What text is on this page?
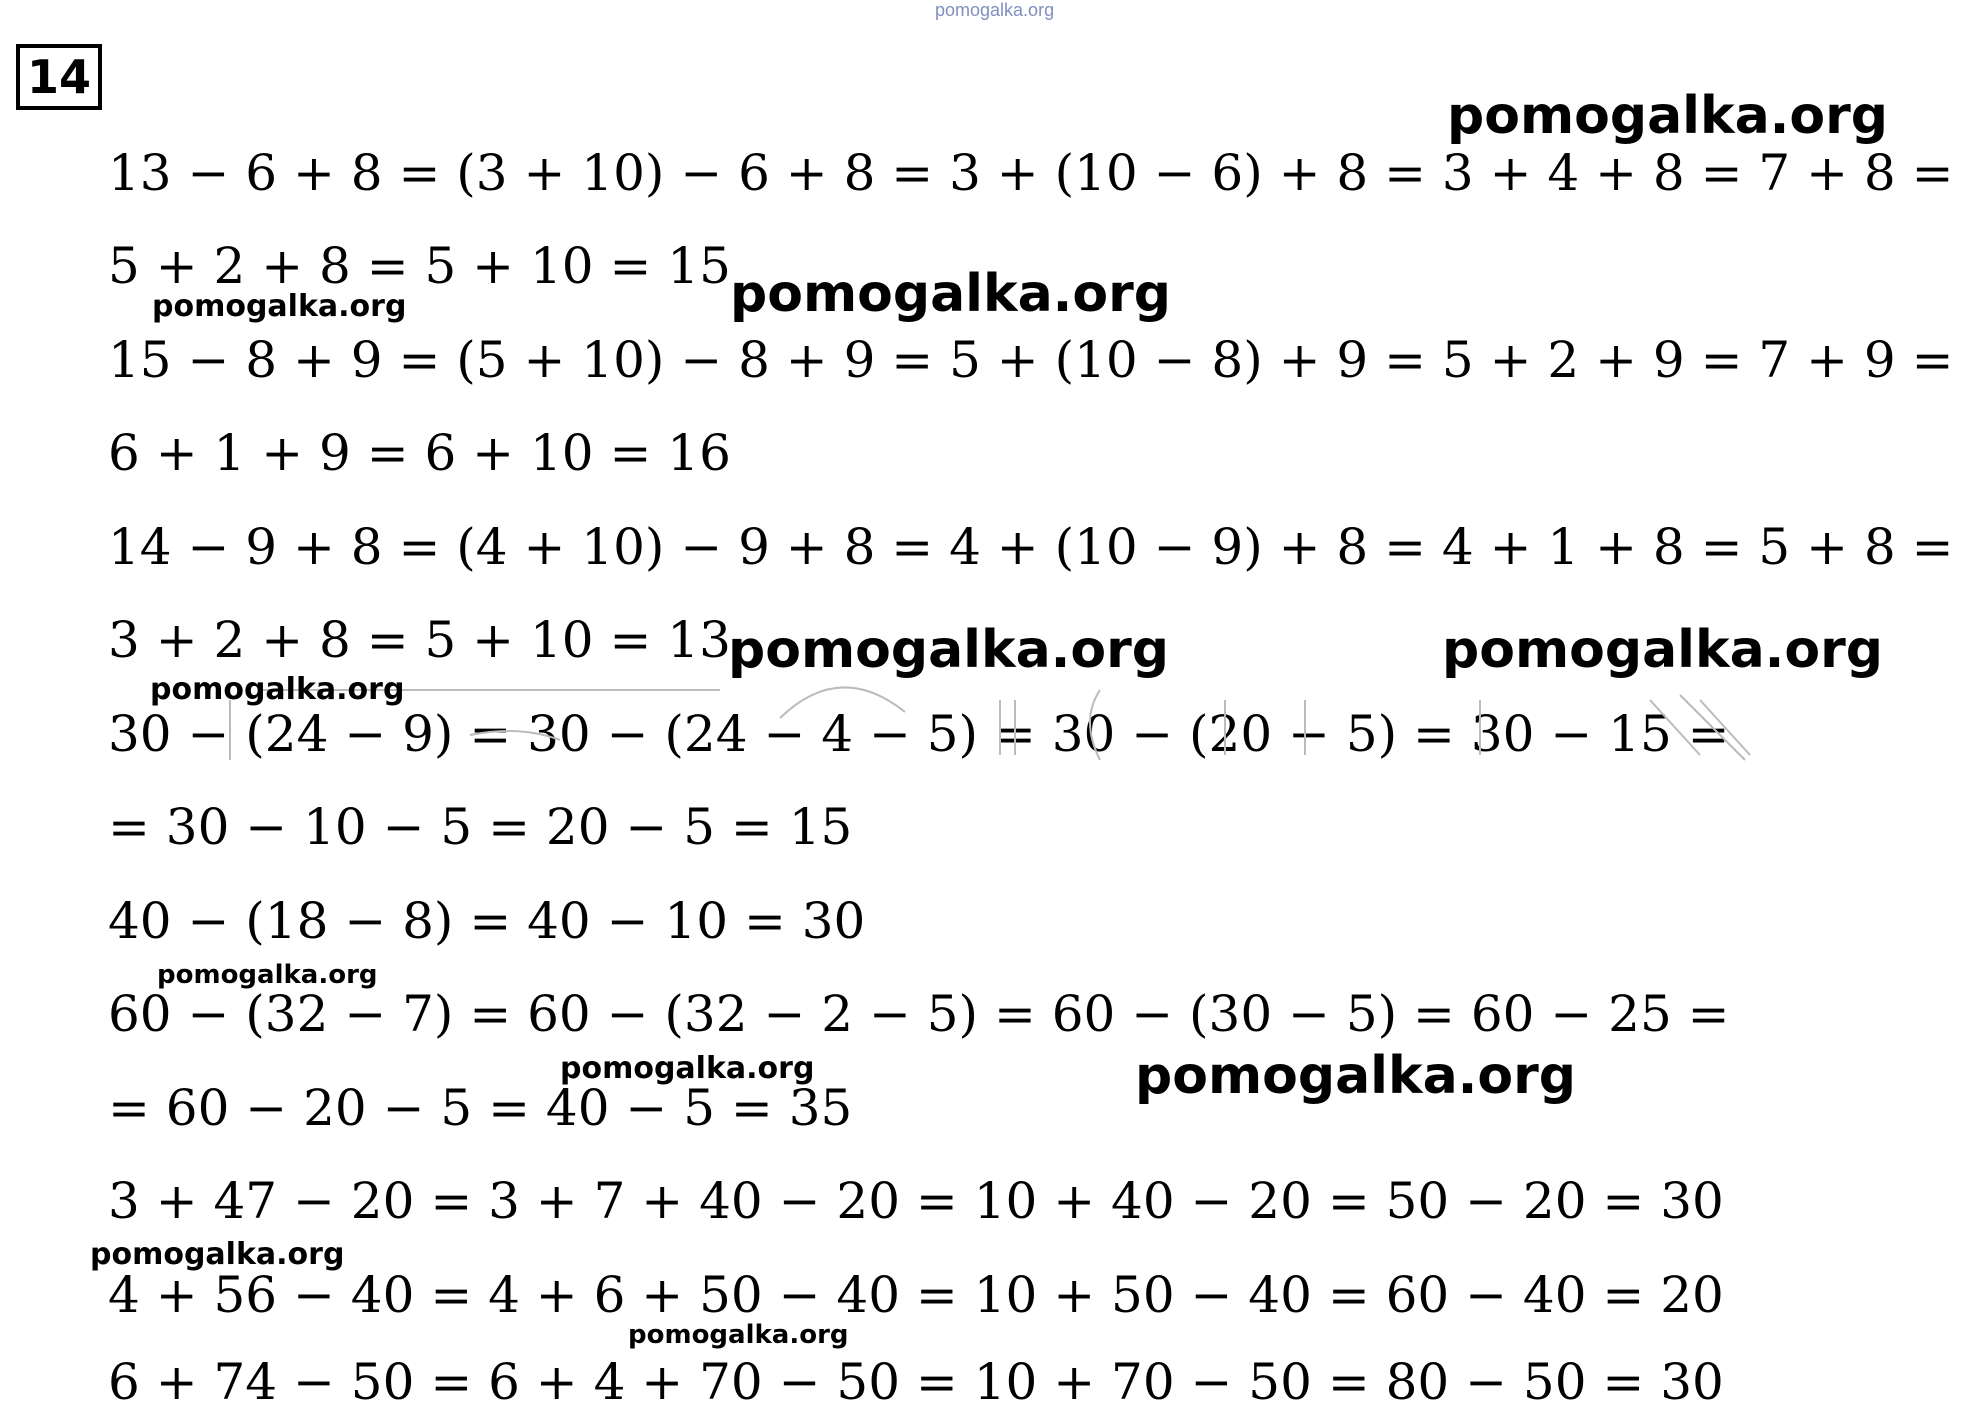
pomogalka.org
14
13 − 6 + 8 = (3 + 10) − 6 + 8 = 3 + (10 − 6) + 8 = 3 + 4 + 8 = 7 + 8 =
5 + 2 + 8 = 5 + 10 = 15
15 − 8 + 9 = (5 + 10) − 8 + 9 = 5 + (10 − 8) + 9 = 5 + 2 + 9 = 7 + 9 =
6 + 1 + 9 = 6 + 10 = 16
14 − 9 + 8 = (4 + 10) − 9 + 8 = 4 + (10 − 9) + 8 = 4 + 1 + 8 = 5 + 8 =
3 + 2 + 8 = 5 + 10 = 13
30 − (24 − 9) = 30 − (24 − 4 − 5) = 30 − (20 − 5) = 30 − 15 =
= 30 − 10 − 5 = 20 − 5 = 15
40 − (18 − 8) = 40 − 10 = 30
60 − (32 − 7) = 60 − (32 − 2 − 5) = 60 − (30 − 5) = 60 − 25 =
= 60 − 20 − 5 = 40 − 5 = 35
3 + 47 − 20 = 3 + 7 + 40 − 20 = 10 + 40 − 20 = 50 − 20 = 30
4 + 56 − 40 = 4 + 6 + 50 − 40 = 10 + 50 − 40 = 60 − 40 = 20
6 + 74 − 50 = 6 + 4 + 70 − 50 = 10 + 70 − 50 = 80 − 50 = 30
pomogalka.org
pomogalka.org	pomogalka.org
pomogalka.org	pomogalka.org
pomogalka.org
pomogalka.org
pomogalka.org	pomogalka.org
pomogalka.org
pomogalka.org
